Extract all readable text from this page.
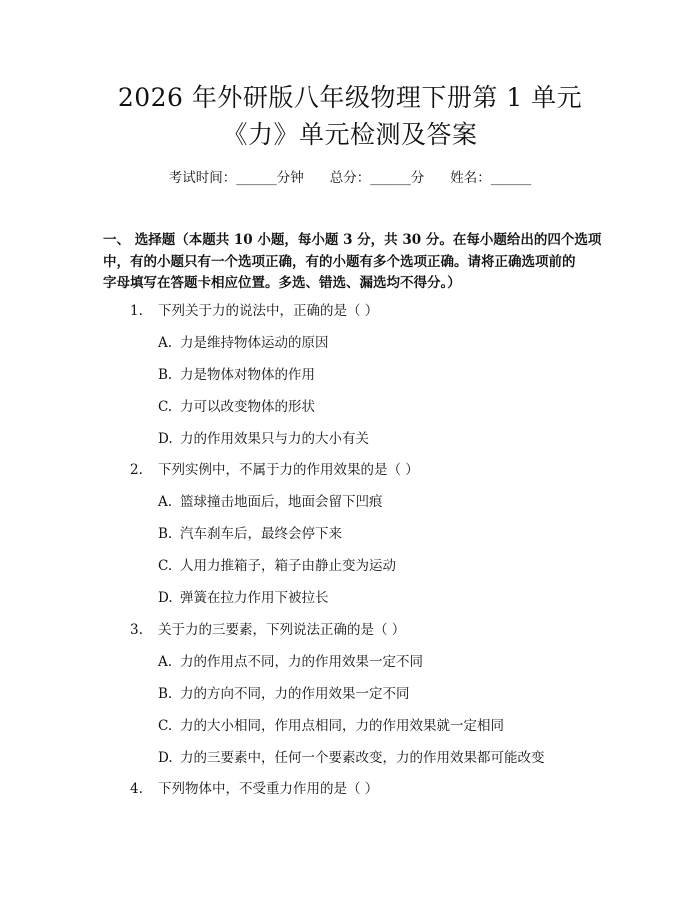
2026 年外研版八年级物理下册第 1 单元
《力》单元检测及答案
考试时间：______分钟 总分：______分 姓名：______
一、 选择题（本题共 10 小题，每小题 3 分，共 30 分。在每小题给出的四个选项
中，有的小题只有一个选项正确，有的小题有多个选项正确。请将正确选项前的
字母填写在答题卡相应位置。多选、错选、漏选均不得分。）
1. 下列关于力的说法中，正确的是（ ）
A. 力是维持物体运动的原因
B. 力是物体对物体的作用
C. 力可以改变物体的形状
D. 力的作用效果只与力的大小有关
2. 下列实例中，不属于力的作用效果的是（ ）
A. 篮球撞击地面后，地面会留下凹痕
B. 汽车刹车后，最终会停下来
C. 人用力推箱子，箱子由静止变为运动
D. 弹簧在拉力作用下被拉长
3. 关于力的三要素，下列说法正确的是（ ）
A. 力的作用点不同，力的作用效果一定不同
B. 力的方向不同，力的作用效果一定不同
C. 力的大小相同，作用点相同，力的作用效果就一定相同
D. 力的三要素中，任何一个要素改变，力的作用效果都可能改变
4. 下列物体中，不受重力作用的是（ ）
